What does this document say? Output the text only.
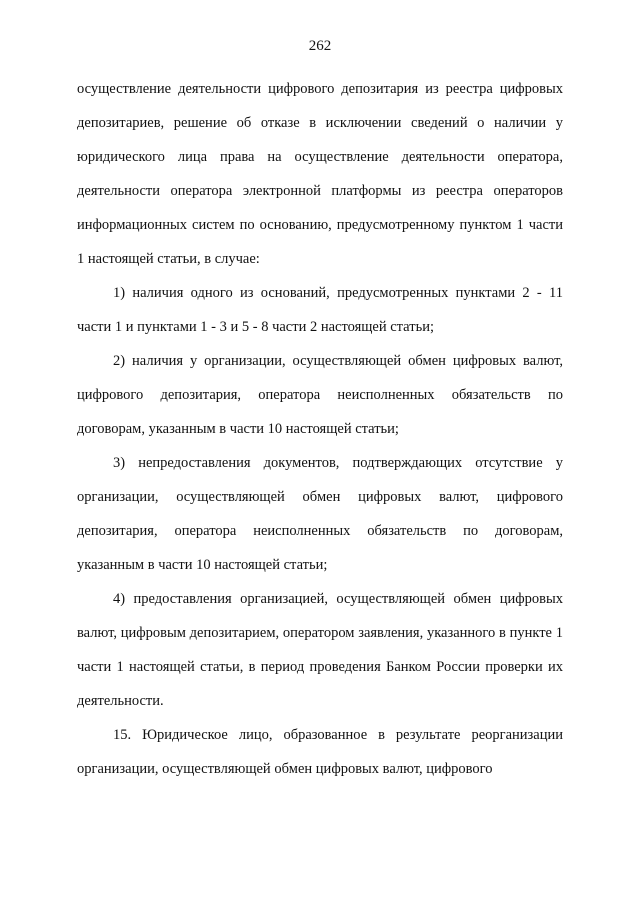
262

осуществление деятельности цифрового депозитария из реестра цифровых депозитариев, решение об отказе в исключении сведений о наличии у юридического лица права на осуществление деятельности оператора, деятельности оператора электронной платформы из реестра операторов информационных систем по основанию, предусмотренному пунктом 1 части 1 настоящей статьи, в случае:

1) наличия одного из оснований, предусмотренных пунктами 2 - 11 части 1 и пунктами 1 - 3 и 5 - 8 части 2 настоящей статьи;

2) наличия у организации, осуществляющей обмен цифровых валют, цифрового депозитария, оператора неисполненных обязательств по договорам, указанным в части 10 настоящей статьи;

3) непредоставления документов, подтверждающих отсутствие у организации, осуществляющей обмен цифровых валют, цифрового депозитария, оператора неисполненных обязательств по договорам, указанным в части 10 настоящей статьи;

4) предоставления организацией, осуществляющей обмен цифровых валют, цифровым депозитарием, оператором заявления, указанного в пункте 1 части 1 настоящей статьи, в период проведения Банком России проверки их деятельности.

15. Юридическое лицо, образованное в результате реорганизации организации, осуществляющей обмен цифровых валют, цифрового
